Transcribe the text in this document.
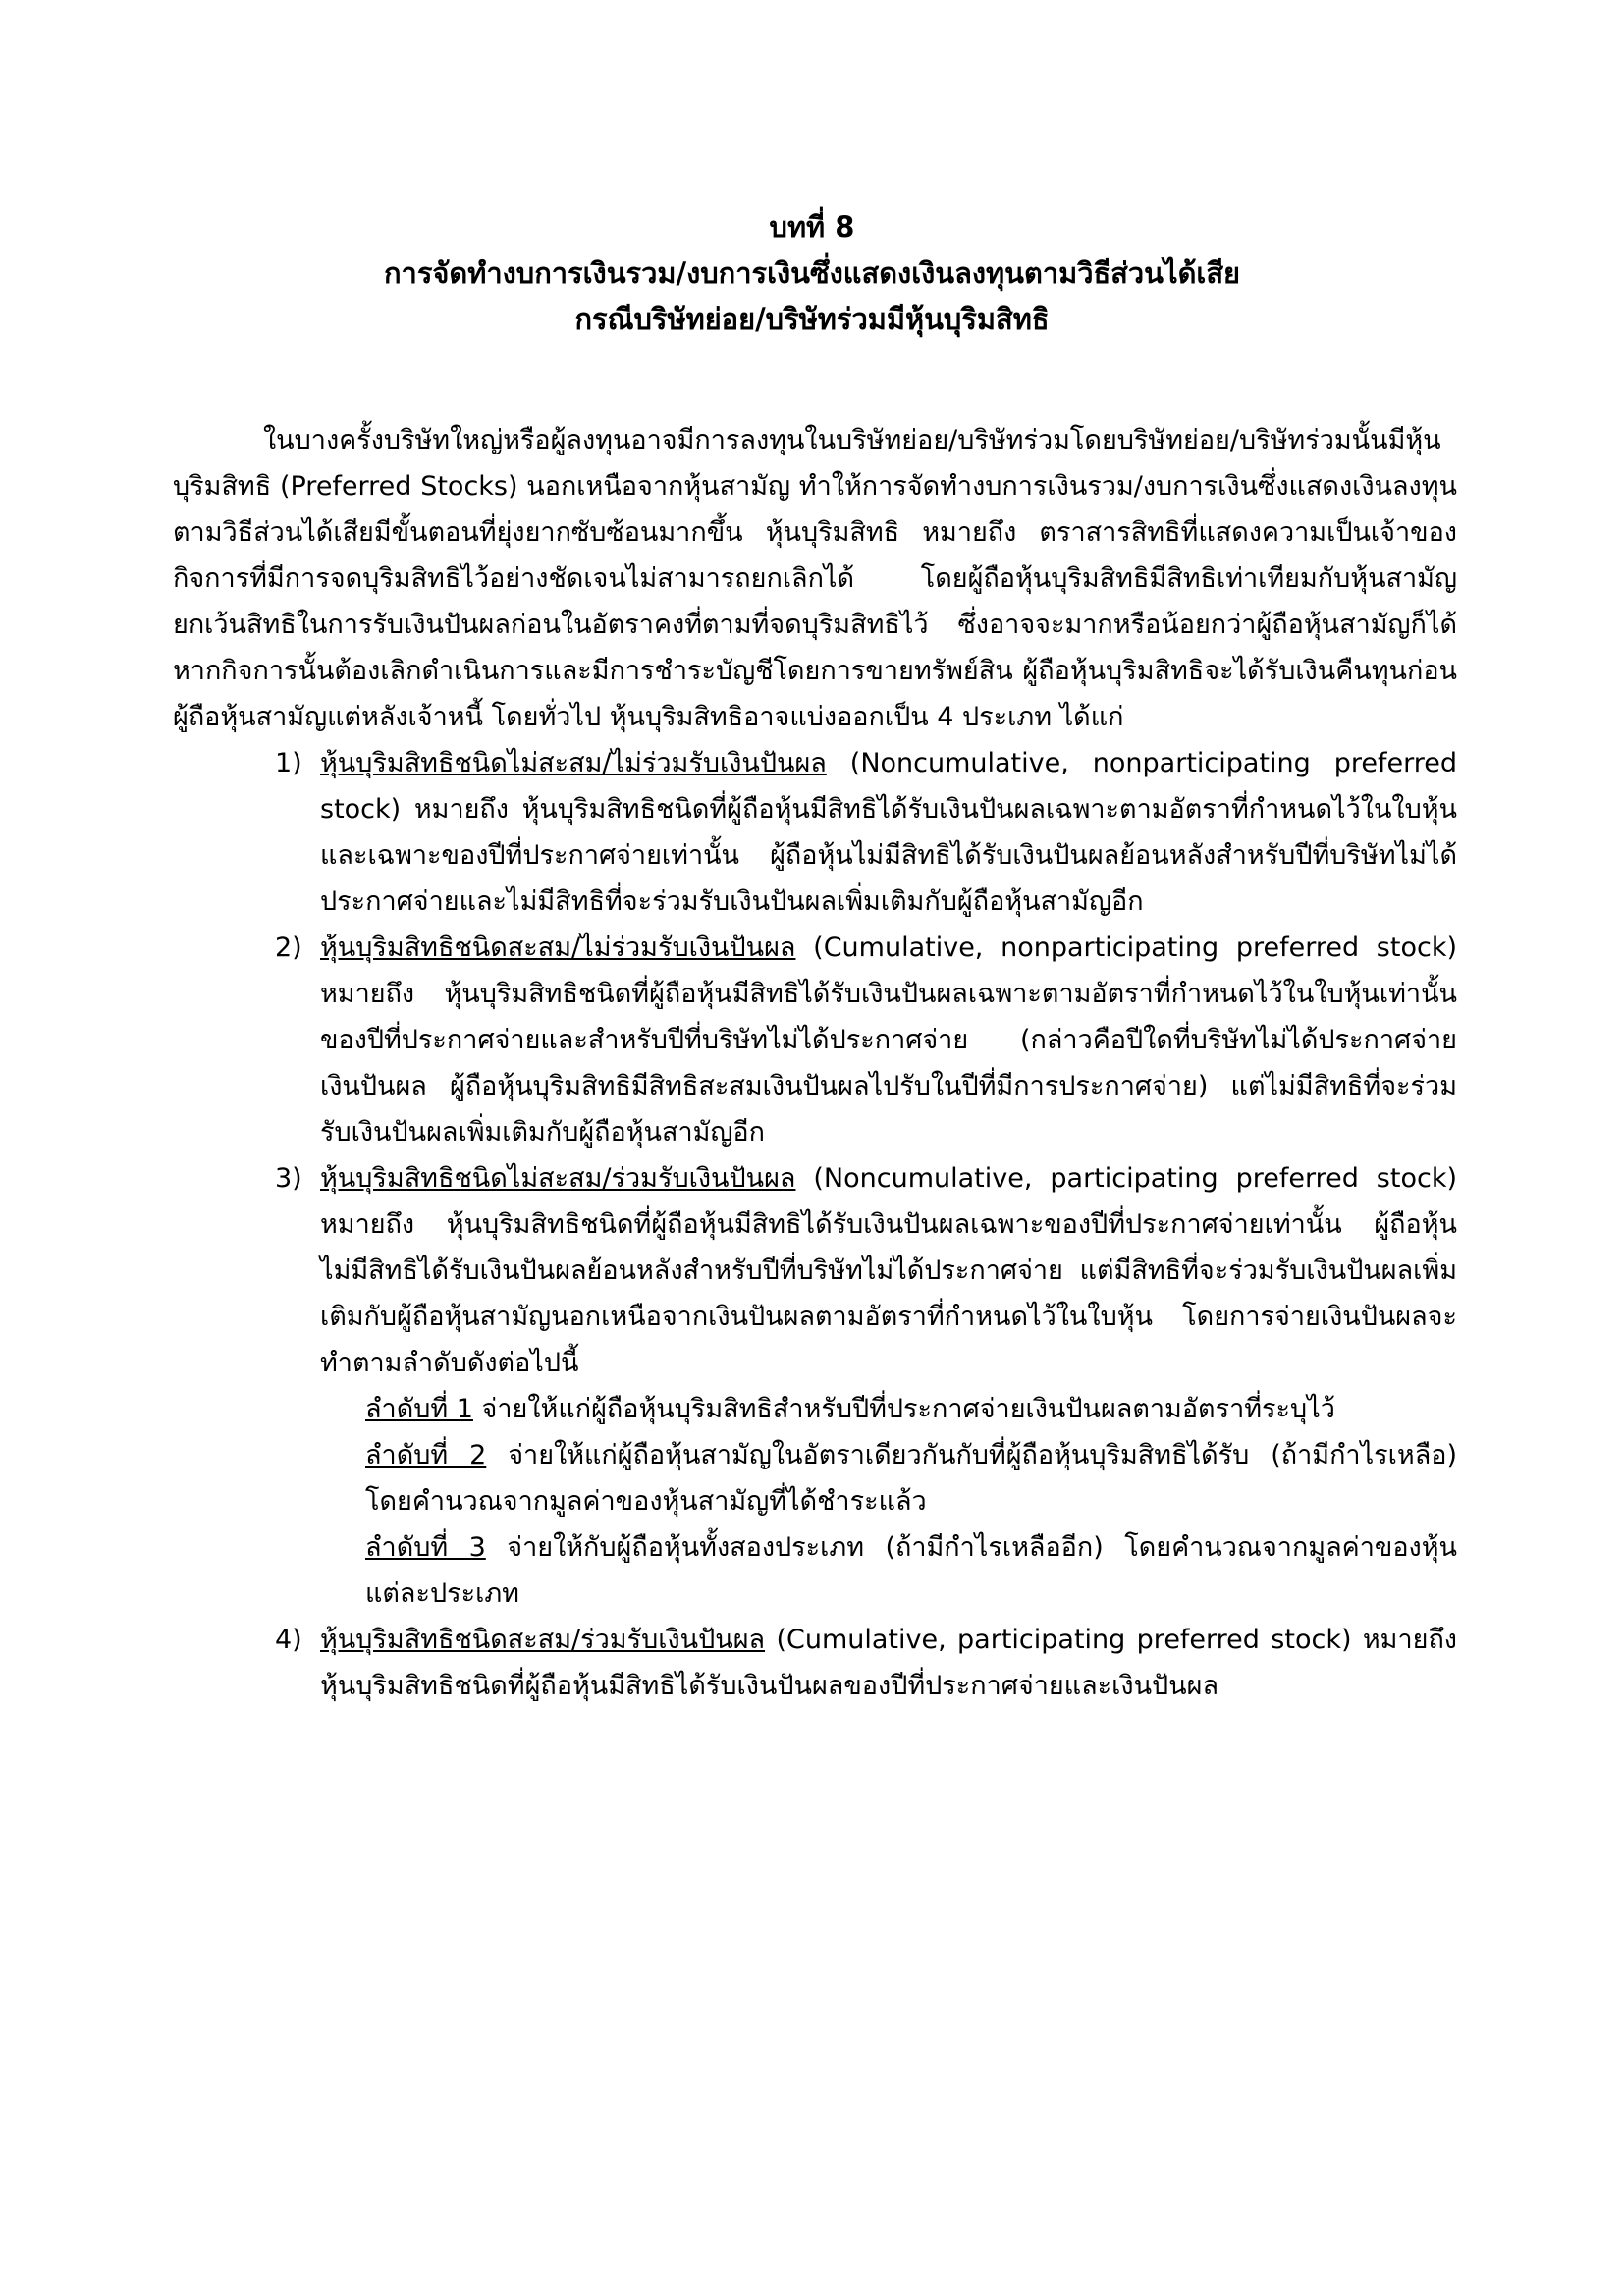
บทที่ 8
การจัดทำงบการเงินรวม/งบการเงินซึ่งแสดงเงินลงทุนตามวิธีส่วนได้เสีย
กรณีบริษัทย่อย/บริษัทร่วมมีหุ้นบุริมสิทธิ

ในบางครั้งบริษัทใหญ่หรือผู้ลงทุนอาจมีการลงทุนในบริษัทย่อย/บริษัทร่วมโดยบริษัทย่อย/บริษัทร่วมนั้นมีหุ้นบุริมสิทธิ (Preferred Stocks) นอกเหนือจากหุ้นสามัญ ทำให้การจัดทำงบการเงินรวม/งบการเงินซึ่งแสดงเงินลงทุนตามวิธีส่วนได้เสียมีขั้นตอนที่ยุ่งยากซับซ้อนมากขึ้น หุ้นบุริมสิทธิ หมายถึง ตราสารสิทธิที่แสดงความเป็นเจ้าของกิจการที่มีการจดบุริมสิทธิไว้อย่างชัดเจนไม่สามารถยกเลิกได้ โดยผู้ถือหุ้นบุริมสิทธิมีสิทธิเท่าเทียมกับหุ้นสามัญ ยกเว้นสิทธิในการรับเงินปันผลก่อนในอัตราคงที่ตามที่จดบุริมสิทธิไว้ ซึ่งอาจจะมากหรือน้อยกว่าผู้ถือหุ้นสามัญก็ได้ หากกิจการนั้นต้องเลิกดำเนินการและมีการชำระบัญชีโดยการขายทรัพย์สิน ผู้ถือหุ้นบุริมสิทธิจะได้รับเงินคืนทุนก่อนผู้ถือหุ้นสามัญแต่หลังเจ้าหนี้ โดยทั่วไป หุ้นบุริมสิทธิอาจแบ่งออกเป็น 4 ประเภท ได้แก่

1) หุ้นบุริมสิทธิชนิดไม่สะสม/ไม่ร่วมรับเงินปันผล (Noncumulative, nonparticipating preferred stock) หมายถึง หุ้นบุริมสิทธิชนิดที่ผู้ถือหุ้นมีสิทธิได้รับเงินปันผลเฉพาะตามอัตราที่กำหนดไว้ในใบหุ้นและเฉพาะของปีที่ประกาศจ่ายเท่านั้น ผู้ถือหุ้นไม่มีสิทธิได้รับเงินปันผลย้อนหลังสำหรับปีที่บริษัทไม่ได้ประกาศจ่ายและไม่มีสิทธิที่จะร่วมรับเงินปันผลเพิ่มเติมกับผู้ถือหุ้นสามัญอีก

2) หุ้นบุริมสิทธิชนิดสะสม/ไม่ร่วมรับเงินปันผล (Cumulative, nonparticipating preferred stock) หมายถึง หุ้นบุริมสิทธิชนิดที่ผู้ถือหุ้นมีสิทธิได้รับเงินปันผลเฉพาะตามอัตราที่กำหนดไว้ในใบหุ้นเท่านั้นของปีที่ประกาศจ่ายและสำหรับปีที่บริษัทไม่ได้ประกาศจ่าย (กล่าวคือปีใดที่บริษัทไม่ได้ประกาศจ่ายเงินปันผล ผู้ถือหุ้นบุริมสิทธิมีสิทธิสะสมเงินปันผลไปรับในปีที่มีการประกาศจ่าย) แต่ไม่มีสิทธิที่จะร่วมรับเงินปันผลเพิ่มเติมกับผู้ถือหุ้นสามัญอีก

3) หุ้นบุริมสิทธิชนิดไม่สะสม/ร่วมรับเงินปันผล (Noncumulative, participating preferred stock) หมายถึง หุ้นบุริมสิทธิชนิดที่ผู้ถือหุ้นมีสิทธิได้รับเงินปันผลเฉพาะของปีที่ประกาศจ่ายเท่านั้น ผู้ถือหุ้นไม่มีสิทธิได้รับเงินปันผลย้อนหลังสำหรับปีที่บริษัทไม่ได้ประกาศจ่าย แต่มีสิทธิที่จะร่วมรับเงินปันผลเพิ่มเติมกับผู้ถือหุ้นสามัญนอกเหนือจากเงินปันผลตามอัตราที่กำหนดไว้ในใบหุ้น โดยการจ่ายเงินปันผลจะทำตามลำดับดังต่อไปนี้

ลำดับที่ 1 จ่ายให้แก่ผู้ถือหุ้นบุริมสิทธิสำหรับปีที่ประกาศจ่ายเงินปันผลตามอัตราที่ระบุไว้

ลำดับที่ 2 จ่ายให้แก่ผู้ถือหุ้นสามัญในอัตราเดียวกันกับที่ผู้ถือหุ้นบุริมสิทธิได้รับ (ถ้ามีกำไรเหลือ) โดยคำนวณจากมูลค่าของหุ้นสามัญที่ได้ชำระแล้ว

ลำดับที่ 3 จ่ายให้กับผู้ถือหุ้นทั้งสองประเภท (ถ้ามีกำไรเหลืออีก) โดยคำนวณจากมูลค่าของหุ้นแต่ละประเภท

4) หุ้นบุริมสิทธิชนิดสะสม/ร่วมรับเงินปันผล (Cumulative, participating preferred stock) หมายถึง หุ้นบุริมสิทธิชนิดที่ผู้ถือหุ้นมีสิทธิได้รับเงินปันผลของปีที่ประกาศจ่ายและเงินปันผล
